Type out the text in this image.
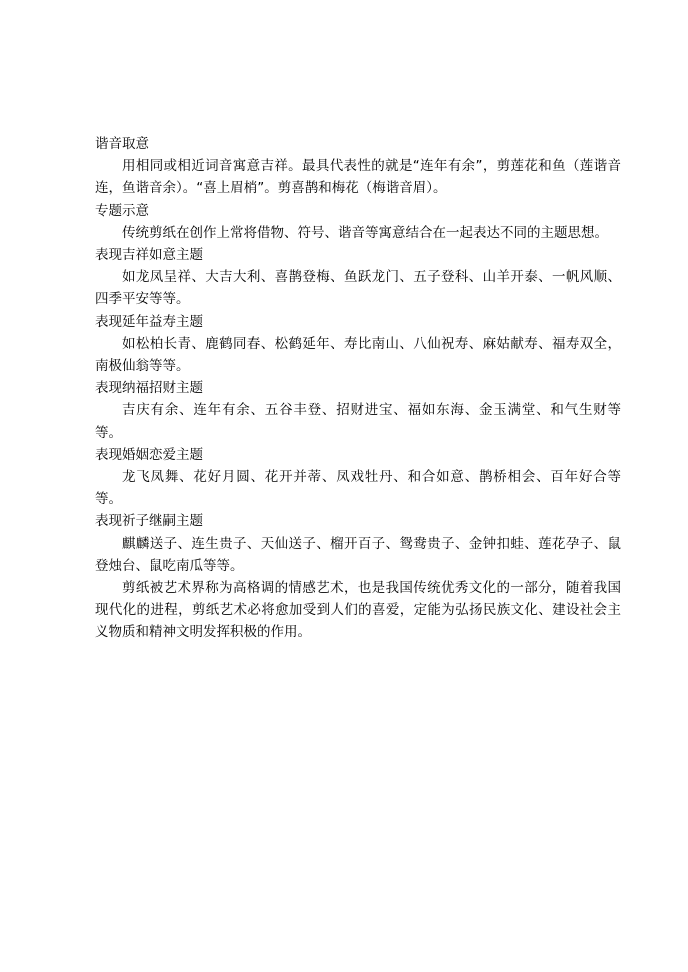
谐音取意

用相同或相近词音寓意吉祥。最具代表性的就是“连年有余”，剪莲花和鱼（莲谐音连，鱼谐音余）。“喜上眉梢”。剪喜鹊和梅花（梅谐音眉）。

专题示意

传统剪纸在创作上常将借物、符号、谐音等寓意结合在一起表达不同的主题思想。

表现吉祥如意主题

如龙凤呈祥、大吉大利、喜鹊登梅、鱼跃龙门、五子登科、山羊开泰、一帆风顺、四季平安等等。

表现延年益寿主题

如松柏长青、鹿鹤同春、松鹤延年、寿比南山、八仙祝寿、麻姑献寿、福寿双全，南极仙翁等等。

表现纳福招财主题

吉庆有余、连年有余、五谷丰登、招财进宝、福如东海、金玉满堂、和气生财等等。

表现婚姻恋爱主题

龙飞凤舞、花好月圆、花开并蒂、凤戏牡丹、和合如意、鹊桥相会、百年好合等等。

表现祈子继嗣主题

麒麟送子、连生贵子、天仙送子、榴开百子、鸳鸯贵子、金钟扣蛙、莲花孕子、鼠登烛台、鼠吃南瓜等等。

剪纸被艺术界称为高格调的情感艺术，也是我国传统优秀文化的一部分，随着我国现代化的进程，剪纸艺术必将愈加受到人们的喜爱，定能为弘扬民族文化、建设社会主义物质和精神文明发挥积极的作用。
